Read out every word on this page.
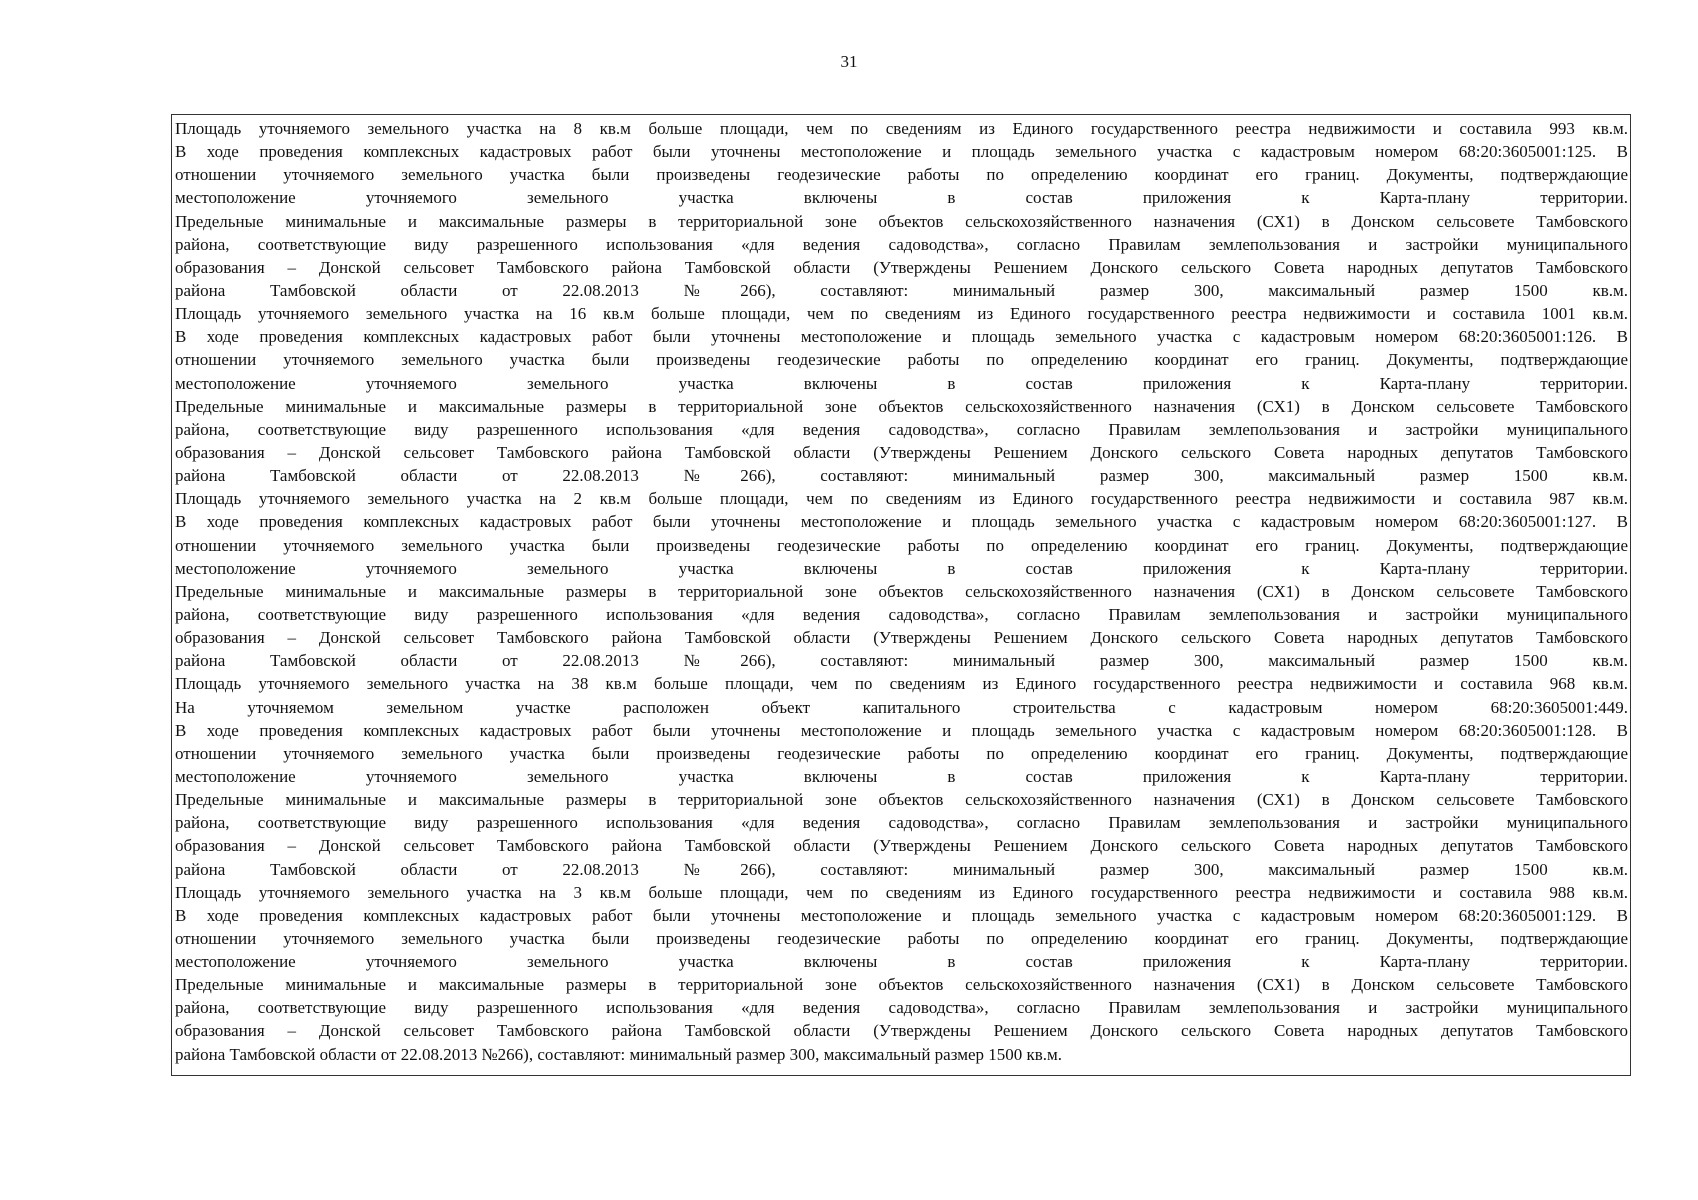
31
Площадь уточняемого земельного участка на 8 кв.м больше площади, чем по сведениям из Единого государственного реестра недвижимости и составила 993 кв.м.
В ходе проведения комплексных кадастровых работ были уточнены местоположение и площадь земельного участка с кадастровым номером 68:20:3605001:125. В
отношении уточняемого земельного участка были произведены геодезические работы по определению координат его границ. Документы, подтверждающие
местоположение уточняемого земельного участка включены в состав приложения к Карта-плану территории.
Предельные минимальные и максимальные размеры в территориальной зоне объектов сельскохозяйственного назначения (СХ1) в Донском сельсовете Тамбовского
района, соответствующие виду разрешенного использования «для ведения садоводства», согласно Правилам землепользования и застройки муниципального
образования – Донской сельсовет Тамбовского района Тамбовской области (Утверждены Решением Донского сельского Совета народных депутатов Тамбовского
района Тамбовской области от 22.08.2013 №266), составляют: минимальный размер 300, максимальный размер 1500 кв.м.
Площадь уточняемого земельного участка на 16 кв.м больше площади, чем по сведениям из Единого государственного реестра недвижимости и составила 1001 кв.м.
В ходе проведения комплексных кадастровых работ были уточнены местоположение и площадь земельного участка с кадастровым номером 68:20:3605001:126. В
отношении уточняемого земельного участка были произведены геодезические работы по определению координат его границ. Документы, подтверждающие
местоположение уточняемого земельного участка включены в состав приложения к Карта-плану территории.
Предельные минимальные и максимальные размеры в территориальной зоне объектов сельскохозяйственного назначения (СХ1) в Донском сельсовете Тамбовского
района, соответствующие виду разрешенного использования «для ведения садоводства», согласно Правилам землепользования и застройки муниципального
образования – Донской сельсовет Тамбовского района Тамбовской области (Утверждены Решением Донского сельского Совета народных депутатов Тамбовского
района Тамбовской области от 22.08.2013 №266), составляют: минимальный размер 300, максимальный размер 1500 кв.м.
Площадь уточняемого земельного участка на 2 кв.м больше площади, чем по сведениям из Единого государственного реестра недвижимости и составила 987 кв.м.
В ходе проведения комплексных кадастровых работ были уточнены местоположение и площадь земельного участка с кадастровым номером 68:20:3605001:127. В
отношении уточняемого земельного участка были произведены геодезические работы по определению координат его границ. Документы, подтверждающие
местоположение уточняемого земельного участка включены в состав приложения к Карта-плану территории.
Предельные минимальные и максимальные размеры в территориальной зоне объектов сельскохозяйственного назначения (СХ1) в Донском сельсовете Тамбовского
района, соответствующие виду разрешенного использования «для ведения садоводства», согласно Правилам землепользования и застройки муниципального
образования – Донской сельсовет Тамбовского района Тамбовской области (Утверждены Решением Донского сельского Совета народных депутатов Тамбовского
района Тамбовской области от 22.08.2013 №266), составляют: минимальный размер 300, максимальный размер 1500 кв.м.
Площадь уточняемого земельного участка на 38 кв.м больше площади, чем по сведениям из Единого государственного реестра недвижимости и составила 968 кв.м.
На уточняемом земельном участке расположен объект капитального строительства с кадастровым номером 68:20:3605001:449.
В ходе проведения комплексных кадастровых работ были уточнены местоположение и площадь земельного участка с кадастровым номером 68:20:3605001:128. В
отношении уточняемого земельного участка были произведены геодезические работы по определению координат его границ. Документы, подтверждающие
местоположение уточняемого земельного участка включены в состав приложения к Карта-плану территории.
Предельные минимальные и максимальные размеры в территориальной зоне объектов сельскохозяйственного назначения (СХ1) в Донском сельсовете Тамбовского
района, соответствующие виду разрешенного использования «для ведения садоводства», согласно Правилам землепользования и застройки муниципального
образования – Донской сельсовет Тамбовского района Тамбовской области (Утверждены Решением Донского сельского Совета народных депутатов Тамбовского
района Тамбовской области от 22.08.2013 №266), составляют: минимальный размер 300, максимальный размер 1500 кв.м.
Площадь уточняемого земельного участка на 3 кв.м больше площади, чем по сведениям из Единого государственного реестра недвижимости и составила 988 кв.м.
В ходе проведения комплексных кадастровых работ были уточнены местоположение и площадь земельного участка с кадастровым номером 68:20:3605001:129. В
отношении уточняемого земельного участка были произведены геодезические работы по определению координат его границ. Документы, подтверждающие
местоположение уточняемого земельного участка включены в состав приложения к Карта-плану территории.
Предельные минимальные и максимальные размеры в территориальной зоне объектов сельскохозяйственного назначения (СХ1) в Донском сельсовете Тамбовского
района, соответствующие виду разрешенного использования «для ведения садоводства», согласно Правилам землепользования и застройки муниципального
образования – Донской сельсовет Тамбовского района Тамбовской области (Утверждены Решением Донского сельского Совета народных депутатов Тамбовского
района Тамбовской области от 22.08.2013 №266), составляют: минимальный размер 300, максимальный размер 1500 кв.м.
